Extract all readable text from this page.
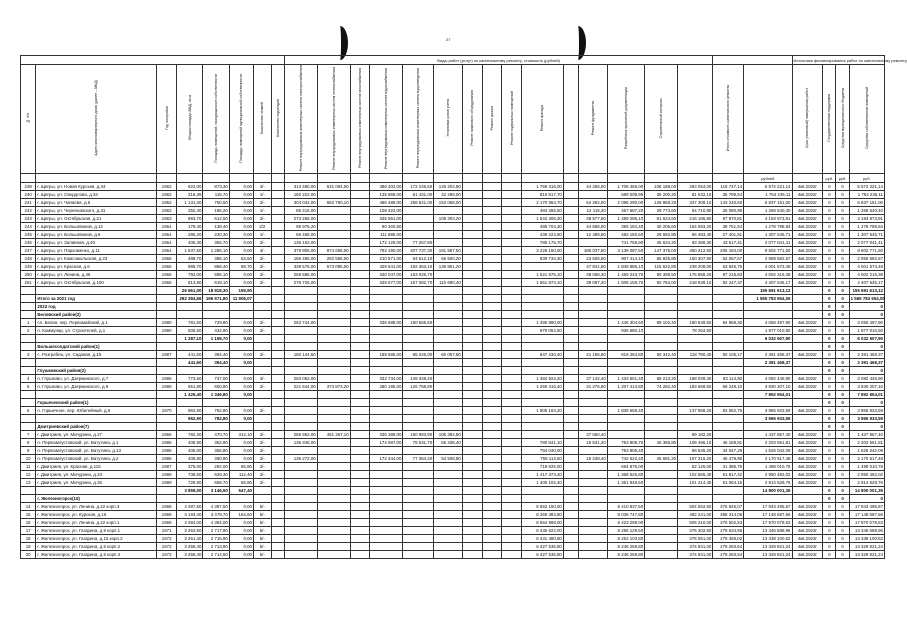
27
								Виды работ (услуг) по капитальному ремонту, стоимость (рублей)																	Источники финансирования работ по капитальному ремонту			
№ п/п	Адрес многоквартирного дома (далее – МКД)	Год постройки	Общая площадь МКД, кв.м	Площадь помещений, находящихся в собственности	Площадь помещений муниципальной собственности	Количество этажей	Количество подъездов	Ремонт внутридомовых инженерных систем электроснабжения	Ремонт внутридомовых инженерных систем теплоснабжения	Ремонт внутридомовых инженерных систем газоснабжения	Ремонт внутридомовых инженерных систем водоснабжения	Ремонт внутридомовых инженерных систем водоотведения	Установка узлов учета	Ремонт лифтового оборудования	Ремонт крыши	Ремонт подвальных помещений	Ремонт фасада		Ремонт фундамента	Разработка проектной документации	Строительный контроль		Итого стоимость капитального ремонта		Срок (плановый) завершения работ	Государственная поддержка	Средства муниципального бюджета	Средства собственников помещений
																								рублей		руб.	руб.	руб.
239	г. Щигры, ул. Новая Курская, д.34	1962	922,00	873,30	0,00	3/-		313 480,00	531 094,00		396 402,00	172 246,50	125 202,90				1 769 316,00		44 256,00	1 708 466,00	108 188,00	283 054,00	119 747,14	5 572 221,14	4кв.2022г	0	0	5 572 221,14
240	г. Щигры, ул. Свердлова, д.34	1962	318,35	115,70	0,00	1/-		160 222,00			135 868,00	61 431,00	42 289,00				810 817,70			589 009,95	35 200,20	81 532,10	35 799,54	1 754 235,11	4кв.2022г	0	0	1 754 235,11
241	г. Щигры, ул. Чапаева, д.6	1952	1 131,30	750,50	0,00	2/-		304 042,00	652 760,10		486 489,00	258 541,00	153 058,00				2 170 954,70		54 282,00	2 096 290,00	128 968,20	347 309,10	143 240,50	6 837 151,00	4кв.2022г	0	0	6 837 151,00
242	г. Щигры, ул. Черняховского, д.31	1962	252,40	186,20	0,00	1/-		85 416,00			108 322,00						484 355,50		12 115,20	467 697,20	29 773,60	54 710,80	26 080,99	1 268 540,40	4кв.2022г	0	0	1 268 540,40
243	г. Щигры, ул. Октябрьская, д.21	1963	893,70	612,50	0,00	2/-		273 256,00			345 561,00		109 303,20				1 542 306,30		38 577,60	1 489 295,10	91 624,60	216 185,80	87 870,81	4 193 973,91	4кв.2022г	0	0	4 193 973,91
244	г. Щигры, ул. Большевиков, д.12	1964	179,40	138,40	0,00	2/2		95 976,20			80 340,60						495 704,30		44 656,00	355 194,40	40 206,60	164 683,20	38 751,54	1 278 798,84	4кв.2022г	0	0	1 278 798,84
245	г. Щигры, ул. Большевиков, д.6	1964	286,20	220,30	0,00	1/-		66 468,00			111 886,00						439 323,80		12 489,60	482 150,60	29 682,80	56 483,40	27 401,51	1 307 545,71	4кв.2022г	0	0	1 307 545,71
246	г. Щигры, ул. Заливная, д.40	1964	406,30	355,70	0,00	2/-		136 102,00			172 129,00	77 257,80					785 175,70			741 758,90	45 634,20	93 488,30	43 517,41	2 077 041,41	4кв.2022г	0	0	2 077 041,41
247	г. Щигры, ул. Пархоменко, д.11	1964	1 637,50	1 286,10	0,00	4/-		379 906,00	874 656,00		792 190,00	407 737,30	191 587,50				3 226 150,00		185 037,50	3 139 087,50	147 375,00	450 312,50	205 184,00	9 602 771,50	4кв.2022г	0	0	9 602 771,50
248	г. Щигры, ул. Комсомольская, д.23	1965	488,70	386,10	53,50	2/-		166 486,00	292 556,00		210 571,00	94 512,10	66 500,20				839 734,30		23 505,60	907 414,10	55 825,80	150 307,90	62 067,67	2 959 582,57	4кв.2022г	0	0	2 959 582,57
249	г. Щигры, ул. Красная, д.6	1965	996,70	868,40	68,70	2/-		338 575,00	573 095,00		429 541,00	192 363,10	135 951,20						47 841,60	1 848 885,10	115 622,80	239 208,00	63 845,79	4 001 573,48	4кв.2022г	0	0	4 001 573,48
250	г. Щигры, ул. Ленина, д.45	1965	792,00	595,10	0,00	2/-		269 586,00			340 047,00	153 026,70					1 521 575,10		38 058,30	1 469 243,70	90 398,50	176 858,20	87 215,83	4 002 216,38	4кв.2022г	0	0	4 002 216,38
251	г. Щигры, ул. Октябрьская, д.100	1965	813,80	619,10	0,00	2/-		276 726,00			349 677,00	157 082,70	110 690,40				1 561 874,10		39 067,20	1 508 158,70	92 784,00	218 939,10	92 247,37	4 407 645,17	4кв.2022г	0	0	4 407 645,17
			26 661,00	18 918,30	159,90																			155 691 613,12		0	0	155 691 613,12
	Итого за 2021 год		282 384,66	196 571,80	11 906,07																			1 565 783 654,05		0	0	1 565 783 654,05
	2022 год																									0	0	0
	Беловский район(2)																									0	0	0
1	сл. Белая, пер. Первомайский, д.1	1980	781,60	729,90	0,00	2/-		263 744,00			336 688,00	150 565,60					1 495 890,00			1 446 304,60	89 102,40	180 549,60	84 969,30	4 055 497,90	4кв.2022г	0	0	4 055 497,90
2	п. Коммунар, ул. Строителей, д.1	1990	505,50	432,90	0,00	2/-											970 054,50			936 680,10		78 264,50		1 977 010,50	4кв.2022г	0	0	1 977 010,50
			1 287,10	1 159,70	0,00																			6 032 507,90		0	0	6 032 507,90
	Большесолдатский район(1)																									0	0	0
3	с. Розгребли, ул. Садовая, д.15	1987	441,60	394,40	0,00	2/-		150 144,50			189 585,00	85 226,00	60 057,60				847 430,40		21 196,80	818 284,80	50 342,40	118 790,40	50 105,17	2 391 468,37	4кв.2022г	0	0	2 391 468,37
			441,60	394,40	0,00																			2 391 468,37		0	0	2 391 468,37
	Глушковский район(2)																									0	0	0
4	п. Глушково, ул. Дзержинского, д.7	1986	773,60	747,00	0,00	3/-		263 062,00			332 734,00	149 349,40					1 484 922,20		37 142,40	1 433 551,40	88 213,20	188 039,40	83 114,90	4 082 446,90	4кв.2022г	0	0	4 082 446,90
5	п. Глушково, ул. Дзержинского, д.9	1988	651,80	600,80	0,00	2/-		221 544,00	373 873,20		280 185,00	125 758,80					1 250 416,40		31 276,80	1 207 414,80	74 282,40	183 669,60	69 249,10	3 830 207,10	4кв.2022г	0	0	3 830 207,10
			1 425,40	1 346,80	0,00																			7 892 654,01		0	0	7 892 654,01
	Горшеченский район(1)																									0	0	0
6	п. Горшечное, пер. Юбилейный, д.6	1970	962,90	782,80	0,00	2/-											1 905 163,20			1 839 658,40		137 969,20	83 062,79	3 965 933,59	4кв.2022г	0	0	3 965 933,59
			962,90	782,80	0,00																			3 965 933,59		0	0	3 965 933,59
	Дмитриевский район(7)																									0	0	0
7	г. Дмитриев, ул. Мичурина, д.27	1966	782,30	470,70	312,10	2/-		265 962,00	451 367,10		336 389,00	150 983,90	106 382,80						37 550,40			89 182,20		1 437 867,40	4кв.2022г	0	0	1 437 867,40
8	п. Первоавгустовский, ул. Ватутина, д.1	1986	408,90	362,90	0,00	2/-		136 346,00			174 987,00	78 531,70	55 338,40				780 841,10		19 531,20	753 805,70	46 386,80	109 496,10	46 168,91	2 203 551,81	4кв.2022г	0	0	2 203 551,81
9	п. Первоавгустовский, ул. Ватутина, д.13	1986	406,00	356,80	0,00	2/-											794 040,00			753 806,40		56 545,20	34 047,29	1 625 042,09	4кв.2022г	0	0	1 625 042,09
10	п. Первоавгустовский, ул. Ватутина, д.2	1986	408,80	360,90	0,00	2/-		136 272,00			172 344,00	77 354,40	54 508,80				769 113,60		19 238,40	742 622,40	45 691,20	107 315,20	45 479,98	2 170 517,48	4кв.2022г	0	0	2 170 517,48
11	г. Дмитриев, ул. Красная, д.115	1987	375,00	292,00	65,80	2/-											719 825,00			694 875,00		52 125,00	31 385,78	1 498 010,78	4кв.2022г	0	0	1 498 010,78
12	г. Дмитриев, ул. Мичурина, д.23	1988	738,60	629,30	112,40	2/-											1 417 373,40			1 368 625,80		102 665,40	61 817,42	2 950 482,02	4кв.2022г	0	0	2 950 482,02
13	г. Дмитриев, ул. Мичурина, д.25	1989	729,90	658,70	56,80	2/-											1 400 102,40			1 351 948,50		101 414,40	61 064,16	2 914 529,76	4кв.2022г	0	0	2 914 529,76
			3 859,00	3 146,50	547,40																			14 800 001,35		0	0	14 800 001,35
	г. Железногорск(15)																									0	0	0
14	г. Железногорск, ул. Ленина, д.42 корп.3	1968	4 387,50	4 387,50	0,00	5/-											8 652 150,00			8 410 837,50		504 562,50	375 845,07	17 943 495,57	4кв.2023г	0	0	17 943 495,57
15	г. Железногорск, ул. Курская, д.15	1969	4 193,40	3 479,70	164,60	5/-											8 269 384,80			8 038 747,80		482 241,00	358 314,06	17 148 687,66	4кв.2023г	0	0	17 148 687,66
16	г. Железногорск, ул. Ленина, д.42 корп.1	1969	4 394,00	4 394,00	0,00	5/-											8 664 968,00			8 423 298,00		505 310,00	376 502,53	17 970 078,53	4кв.2023г	0	0	17 970 078,53
17	г. Железногорск, ул. Гагарина, д.9 корп.1	1971	3 263,50	2 717,90	0,00	5/-											6 435 622,00			6 256 129,50		375 302,50	279 634,96	13 346 688,96	4кв.2023г	0	0	13 346 688,96
18	г. Железногорск, ул. Гагарина, д.15 корп.2	1972	3 261,40	2 715,90	0,00	5/-											6 431 480,80			6 252 103,80		375 061,00	279 455,02	13 338 100,62	4кв.2023г	0	0	13 338 100,62
19	г. Железногорск, ул. Гагарина, д.5 корп.2	1972	3 259,40	2 713,90	0,00	5/-											6 427 536,80			6 248 269,80		374 831,00	279 283,64	13 329 921,24	4кв.2023г	0	0	13 329 921,24
20	г. Железногорск, ул. Гагарина, д.5 корп.3	1972	3 259,40	2 714,50	0,00	5/-											6 427 536,80			6 248 269,80		374 831,00	279 283,64	13 329 921,24	4кв.2023г	0	0	13 329 921,24
